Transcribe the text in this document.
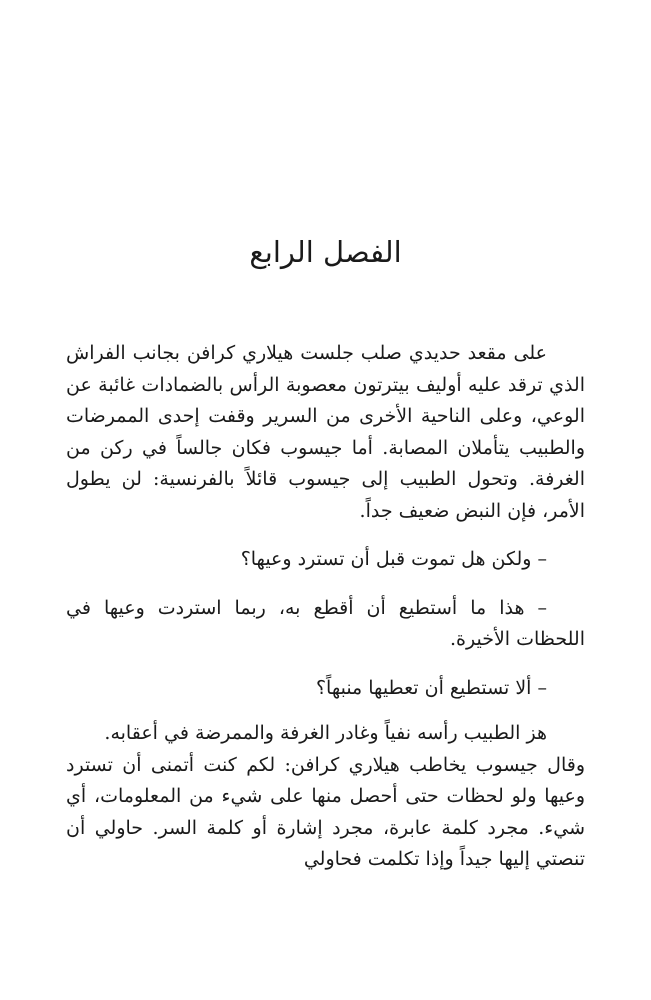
الفصل الرابع

على مقعد حديدي صلب جلست هيلاري كرافن بجانب الفراش الذي ترقد عليه أوليف بيترتون معصوبة الرأس بالضمادات غائبة عن الوعي، وعلى الناحية الأخرى من السرير وقفت إحدى الممرضات والطبيب يتأملان المصابة. أما جيسوب فكان جالساً في ركن من الغرفة. وتحول الطبيب إلى جيسوب قائلاً بالفرنسية: لن يطول الأمر، فإن النبض ضعيف جداً.

– ولكن هل تموت قبل أن تسترد وعيها؟

– هذا ما أستطيع أن أقطع به، ربما استردت وعيها في اللحظات الأخيرة.

– ألا تستطيع أن تعطيها منبهاً؟

هز الطبيب رأسه نفياً وغادر الغرفة والممرضة في أعقابه.

وقال جيسوب يخاطب هيلاري كرافن: لكم كنت أتمنى أن تسترد وعيها ولو لحظات حتى أحصل منها على شيء من المعلومات، أي شيء. مجرد كلمة عابرة، مجرد إشارة أو كلمة السر. حاولي أن تنصتي إليها جيداً وإذا تكلمت فحاولي
